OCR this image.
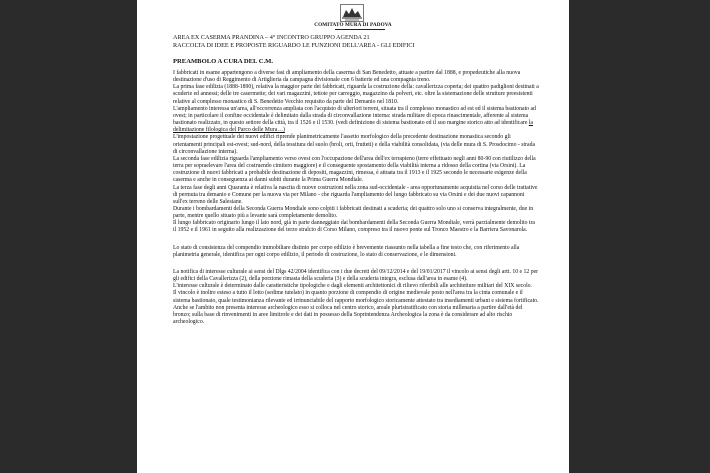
COMITATO MURA DI PADOVA
AREA EX CASERMA PRANDINA – 4° INCONTRO GRUPPO AGENDA 21
RACCOLTA DI IDEE E PROPOSTE RIGUARDO LE FUNZIONI DELL'AREA - GLI EDIFICI
PREAMBOLO A CURA DEL C.M.

I fabbricati in esame appartengono a diverse fasi di ampliamento della caserma di San Benedetto, attuate a partire dal 1888, e propedeutiche alla nuova destinazione d'uso di Reggimento di Artiglieria da campagna divisionale con 6 batterie ed una compagnia treno.

La prima fase edilizia (1888-1890), relativa la maggior parte dei fabbricati, riguarda la costruzione della: cavallerizza coperta; dei quattro padiglioni destinati a scuderie ed annessi; delle tre casermette; dei vari magazzini, tettoie per carreggio, magazzino da polveri, etc. oltre la sistemazione delle strutture preesistenti relative al complesso monastico di S. Benedetto Vecchio requisito da parte del Demanio nel 1810.

L'ampliamento interessa un'area, all'occorrenza ampliata con l'acquisto di ulteriori terreni, situata tra il complesso monastico ad est ed il sistema bastionato ad ovest; in particolare il confine occidentale è delimitato dalla strada di circonvallazione interna: strada militare di epoca rinascimentale, afferente al sistema bastionato realizzato, in questo settore della città, tra il 1526 e il 1530. (vedi definizione di sistema bastionato ed il suo margine storico atto ad identificare la delimitazione filologica del Parco delle Mura…)

L'impostazione progettuale dei nuovi edifici riprende planimetricamente l'assetto morfologico della precedente destinazione monastica secondo gli orientamenti principali est-ovest; sud-nord, della tessitura del suolo (broli, orti, frutteti) e della viabilità consolidata, (via delle mura di S. Prosdocimo - strada di circonvallazione interna).

La seconda fase edilizia riguarda l'ampliamento verso ovest con l'occupazione dell'area dell'ex terrapieno (terre effettuato negli anni 80-90 con riutilizzo della terra per sopraelevare l'area del costruendo cimitero maggiore) e il conseguente spostamento della viabilità interna a ridosso della cortina (via Orsini). La costruzione di nuovi fabbricati a probabile destinazione di depositi, magazzini, rimessa, è attuata tra il 1913 e il 1925 secondo le necessarie esigenze della caserma e anche in conseguenza ai danni subiti durante la Prima Guerra Mondiale.

La terza fase degli anni Quaranta è relativa la nascita di nuove costruzioni nella zona sud-occidentale - area opportunamente acquisita nel corso delle trattative di permuta tra demanio e Comune per la nuova via per Milano - che riguarda l'ampliamento del lungo fabbricato su via Orsini e dei due nuovi capannoni sull'ex terreno delle Salesiane.

Durante i bombardamenti della Seconda Guerra Mondiale sono colpiti i fabbricati destinati a scuderia; dei quattro solo uno si conserva integralmente, due in parte, mentre quello situato più a levante sarà completamente demolito.

Il lungo fabbricato originario lungo il lato nord, già in parte danneggiato dai bombardamenti della Seconda Guerra Mondiale, verrà parzialmente demolito tra il 1952 e il 1961 in seguito alla realizzazione del terzo stralcio di Corso Milano, compreso tra il nuovo ponte sul Tronco Maestro e la Barriera Savonarola.

Lo stato di consistenza del compendio immobiliare distinto per corpo edilizio è brevemente riassunto nella tabella a fine testo che, con riferimento alla planimetria generale, identifica per ogni corpo edilizio, il periodo di costruzione, lo stato di conservazione, e le dimensioni.

La notifica di interesse culturale ai sensi del Dlgs 42/2004 identifica con i due decreti del 09/12/2014 e del 19/01/2017 il vincolo ai sensi degli artt. 10 e 12 per gli edifici della Cavallerizza (2), della porzione rimasta della scuderia (3) e della scuderia integra, esclusa dall'area in esame (4).

L'interesse culturale è determinato dalle caratteristiche tipologiche e dagli elementi architettonici di rilievo riferibili alle architetture militari del XIX secolo.

Il vincolo è inoltre esteso a tutto il lotto (sedime tutelato) in quanto porzione di compendio di origine medievale posto nell'area tra la cinta comunale e il sistema bastionato, quale testimonianza rilevante ed irrinunciabile del rapporto morfologico storicamente attestato tra insediamenti urbani e sistema fortificato.

Anche se l'ambito non presenta interesse archeologico esso si colloca nel centro storico, areale pluristratificato con storia millenaria a partire dall'età del bronzo; sulla base di rinvenimenti in aree limitrofe e dei dati in possesso della Soprintendenza Archeologica la zona è da considerare ad alto rischio archeologico.
